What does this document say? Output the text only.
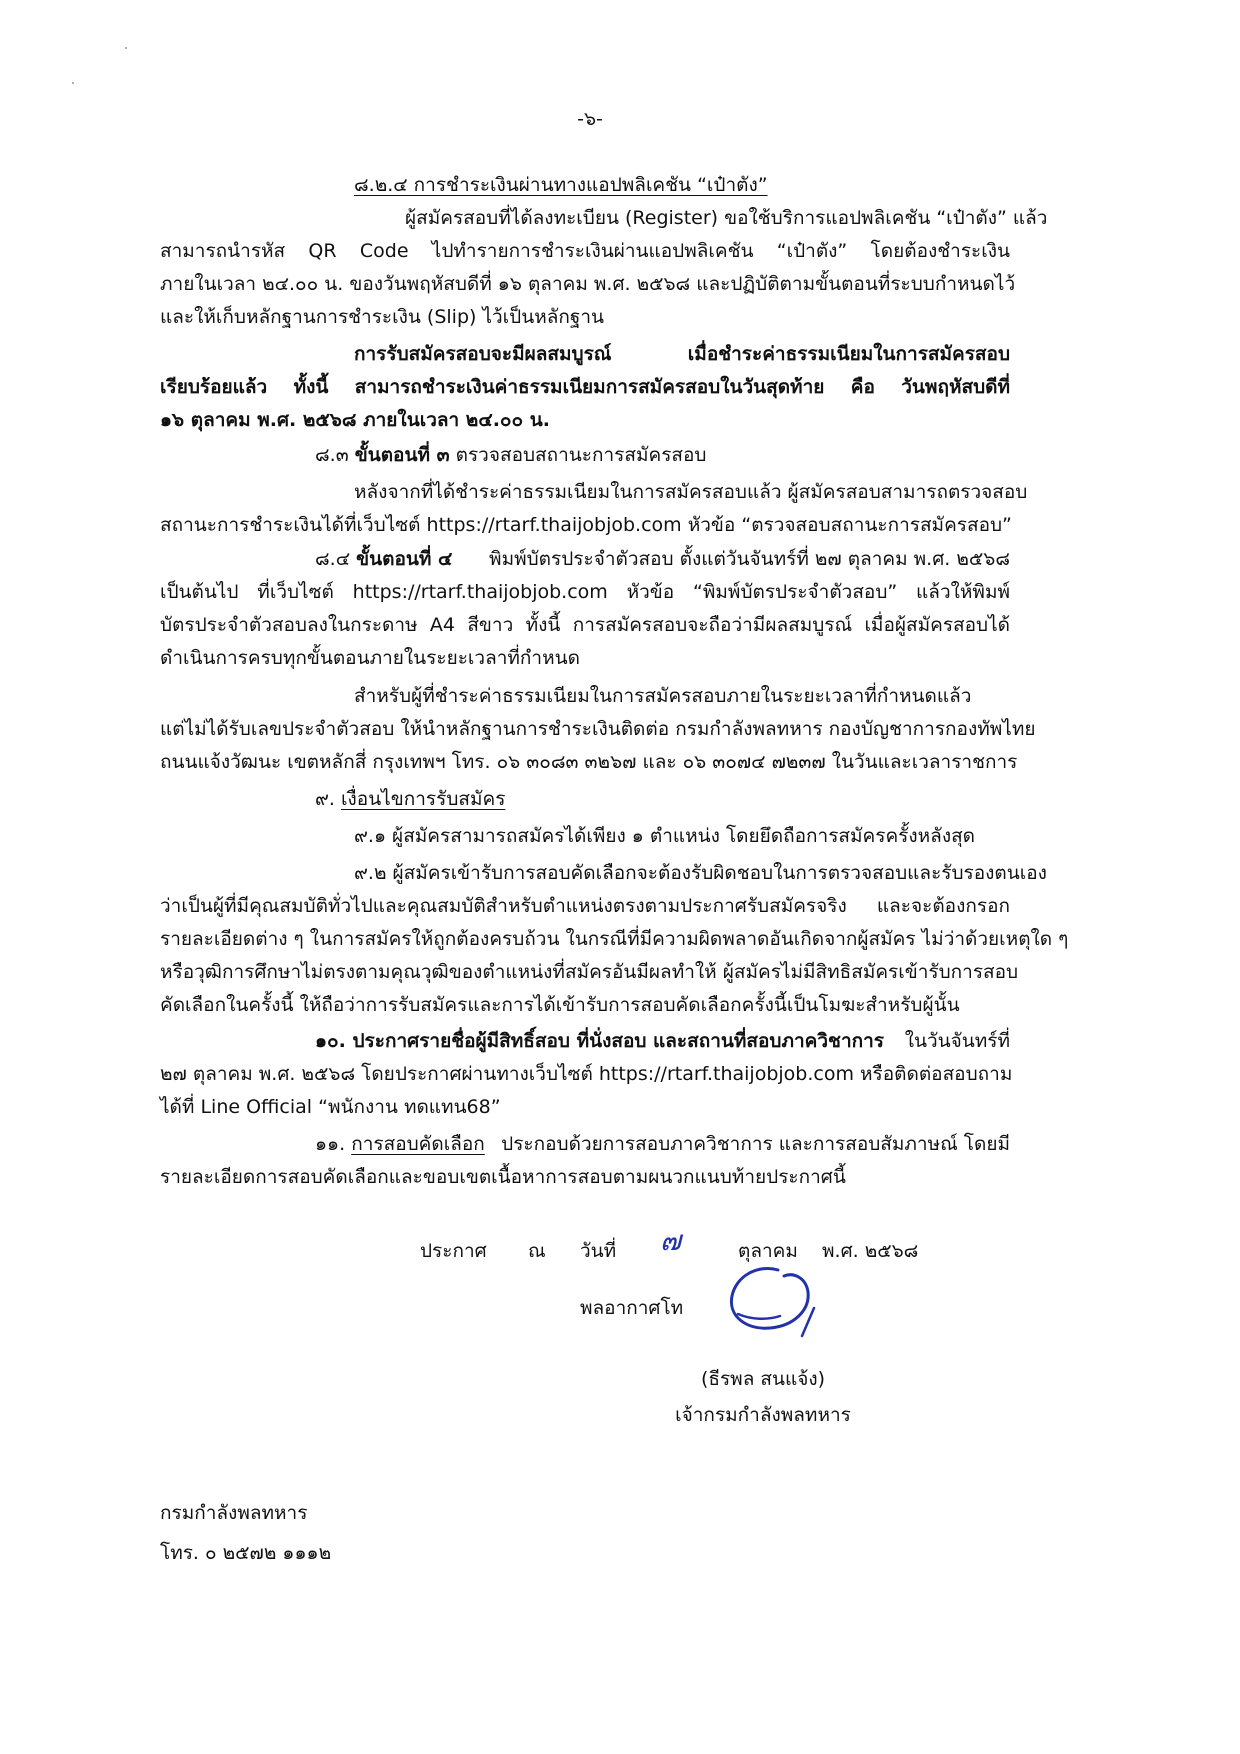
-๖-
๘.๒.๔ การชำระเงินผ่านทางแอปพลิเคชัน “เป๋าตัง”
ผู้สมัครสอบที่ได้ลงทะเบียน (Register) ขอใช้บริการแอปพลิเคชัน “เป๋าตัง” แล้ว
สามารถนำรหัส QR Code ไปทำรายการชำระเงินผ่านแอปพลิเคชัน “เป๋าตัง” โดยต้องชำระเงิน
ภายในเวลา ๒๔.๐๐ น. ของวันพฤหัสบดีที่ ๑๖ ตุลาคม พ.ศ. ๒๕๖๘ และปฏิบัติตามขั้นตอนที่ระบบกำหนดไว้
และให้เก็บหลักฐานการชำระเงิน (Slip) ไว้เป็นหลักฐาน
การรับสมัครสอบจะมีผลสมบูรณ์ เมื่อชำระค่าธรรมเนียมในการสมัครสอบ
เรียบร้อยแล้ว ทั้งนี้ สามารถชำระเงินค่าธรรมเนียมการสมัครสอบในวันสุดท้าย คือ วันพฤหัสบดีที่
๑๖ ตุลาคม พ.ศ. ๒๕๖๘ ภายในเวลา ๒๔.๐๐ น.
๘.๓ ขั้นตอนที่ ๓ ตรวจสอบสถานะการสมัครสอบ
หลังจากที่ได้ชำระค่าธรรมเนียมในการสมัครสอบแล้ว ผู้สมัครสอบสามารถตรวจสอบ
สถานะการชำระเงินได้ที่เว็บไซต์ https://rtarf.thaijobjob.com หัวข้อ “ตรวจสอบสถานะการสมัครสอบ”
๘.๔ ขั้นตอนที่ ๔ พิมพ์บัตรประจำตัวสอบ ตั้งแต่วันจันทร์ที่ ๒๗ ตุลาคม พ.ศ. ๒๕๖๘
เป็นต้นไป ที่เว็บไซต์ https://rtarf.thaijobjob.com หัวข้อ “พิมพ์บัตรประจำตัวสอบ” แล้วให้พิมพ์
บัตรประจำตัวสอบลงในกระดาษ A4 สีขาว ทั้งนี้ การสมัครสอบจะถือว่ามีผลสมบูรณ์ เมื่อผู้สมัครสอบได้
ดำเนินการครบทุกขั้นตอนภายในระยะเวลาที่กำหนด
สำหรับผู้ที่ชำระค่าธรรมเนียมในการสมัครสอบภายในระยะเวลาที่กำหนดแล้ว
แต่ไม่ได้รับเลขประจำตัวสอบ ให้นำหลักฐานการชำระเงินติดต่อ กรมกำลังพลทหาร กองบัญชาการกองทัพไทย
ถนนแจ้งวัฒนะ เขตหลักสี่ กรุงเทพฯ โทร. ๐๖ ๓๐๘๓ ๓๒๖๗ และ ๐๖ ๓๐๗๔ ๗๒๓๗ ในวันและเวลาราชการ
๙. เงื่อนไขการรับสมัคร
๙.๑ ผู้สมัครสามารถสมัครได้เพียง ๑ ตำแหน่ง โดยยึดถือการสมัครครั้งหลังสุด
๙.๒ ผู้สมัครเข้ารับการสอบคัดเลือกจะต้องรับผิดชอบในการตรวจสอบและรับรองตนเอง
ว่าเป็นผู้ที่มีคุณสมบัติทั่วไปและคุณสมบัติสำหรับตำแหน่งตรงตามประกาศรับสมัครจริง และจะต้องกรอก
รายละเอียดต่าง ๆ ในการสมัครให้ถูกต้องครบถ้วน ในกรณีที่มีความผิดพลาดอันเกิดจากผู้สมัคร ไม่ว่าด้วยเหตุใด ๆ
หรือวุฒิการศึกษาไม่ตรงตามคุณวุฒิของตำแหน่งที่สมัครอันมีผลทำให้ ผู้สมัครไม่มีสิทธิสมัครเข้ารับการสอบ
คัดเลือกในครั้งนี้ ให้ถือว่าการรับสมัครและการได้เข้ารับการสอบคัดเลือกครั้งนี้เป็นโมฆะสำหรับผู้นั้น
๑๐. ประกาศรายชื่อผู้มีสิทธิ์สอบ ที่นั่งสอบ และสถานที่สอบภาควิชาการ ในวันจันทร์ที่
๒๗ ตุลาคม พ.ศ. ๒๕๖๘ โดยประกาศผ่านทางเว็บไซต์ https://rtarf.thaijobjob.com หรือติดต่อสอบถาม
ได้ที่ Line Official “พนักงาน ทดแทน68”
๑๑. การสอบคัดเลือก ประกอบด้วยการสอบภาควิชาการ และการสอบสัมภาษณ์ โดยมี
รายละเอียดการสอบคัดเลือกและขอบเขตเนื้อหาการสอบตามผนวกแนบท้ายประกาศนี้
ประกาศ ณ วันที่ ๗	ตุลาคม พ.ศ. ๒๕๖๘
พลอากาศโท
(ธีรพล สนแจ้ง)
เจ้ากรมกำลังพลทหาร
กรมกำลังพลทหาร
โทร. ๐ ๒๕๗๒ ๑๑๑๒
